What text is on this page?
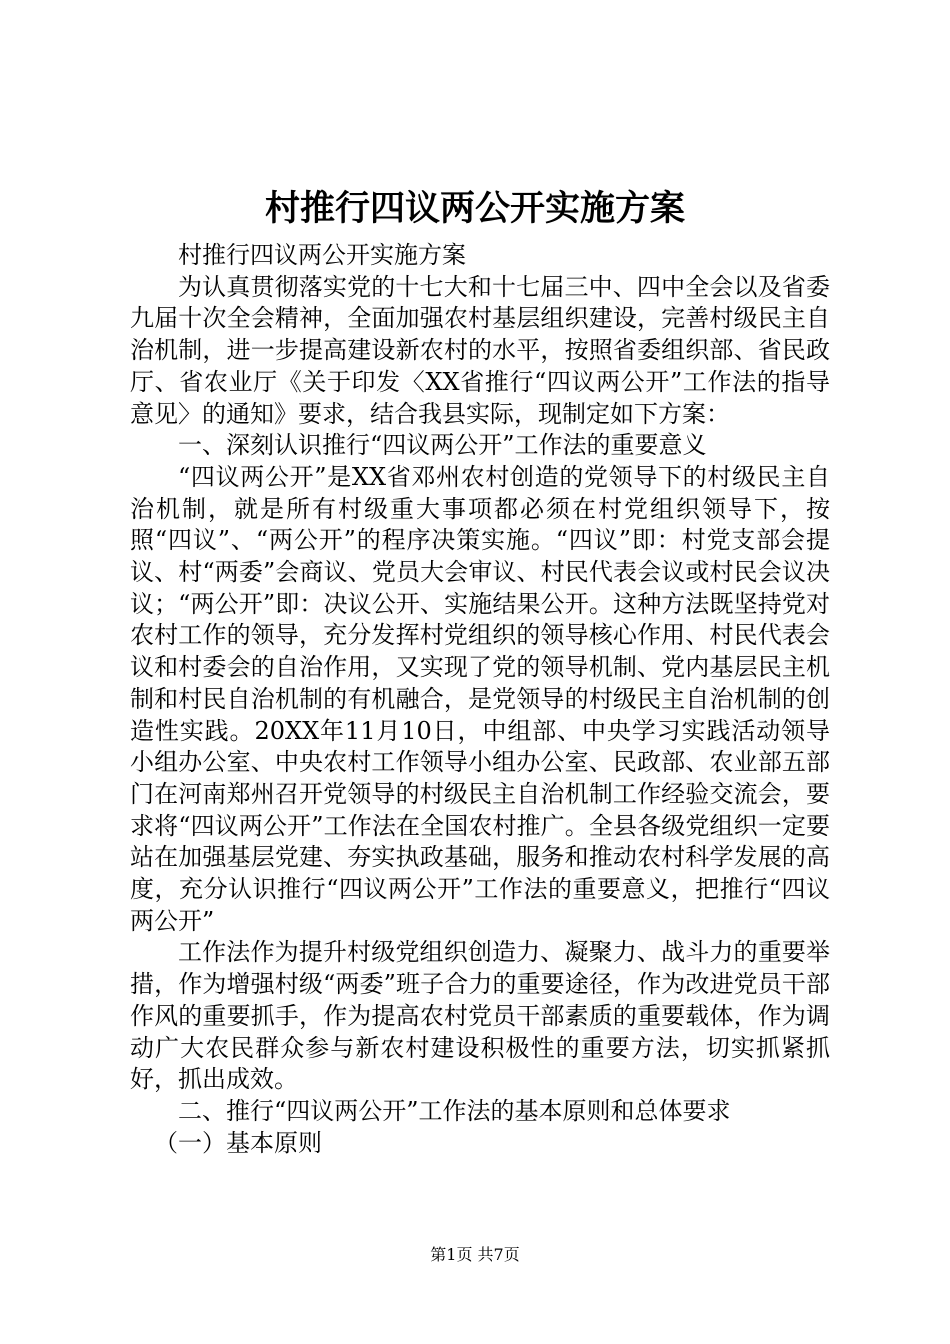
村推行四议两公开实施方案

村推行四议两公开实施方案

为认真贯彻落实党的十七大和十七届三中、四中全会以及省委九届十次全会精神，全面加强农村基层组织建设，完善村级民主自治机制，进一步提高建设新农村的水平，按照省委组织部、省民政厅、省农业厅《关于印发〈XX省推行“四议两公开”工作法的指导意见〉的通知》要求，结合我县实际，现制定如下方案：

一、深刻认识推行“四议两公开”工作法的重要意义

“四议两公开”是XX省邓州农村创造的党领导下的村级民主自治机制，就是所有村级重大事项都必须在村党组织领导下，按照“四议”、“两公开”的程序决策实施。“四议”即：村党支部会提议、村“两委”会商议、党员大会审议、村民代表会议或村民会议决议；“两公开”即：决议公开、实施结果公开。这种方法既坚持党对农村工作的领导，充分发挥村党组织的领导核心作用、村民代表会议和村委会的自治作用，又实现了党的领导机制、党内基层民主机制和村民自治机制的有机融合，是党领导的村级民主自治机制的创造性实践。20XX年11月10日，中组部、中央学习实践活动领导小组办公室、中央农村工作领导小组办公室、民政部、农业部五部门在河南郑州召开党领导的村级民主自治机制工作经验交流会，要求将“四议两公开”工作法在全国农村推广。全县各级党组织一定要站在加强基层党建、夯实执政基础，服务和推动农村科学发展的高度，充分认识推行“四议两公开”工作法的重要意义，把推行“四议两公开”

工作法作为提升村级党组织创造力、凝聚力、战斗力的重要举措，作为增强村级“两委”班子合力的重要途径，作为改进党员干部作风的重要抓手，作为提高农村党员干部素质的重要载体，作为调动广大农民群众参与新农村建设积极性的重要方法，切实抓紧抓好，抓出成效。

二、推行“四议两公开”工作法的基本原则和总体要求

（一）基本原则

第1页 共7页
